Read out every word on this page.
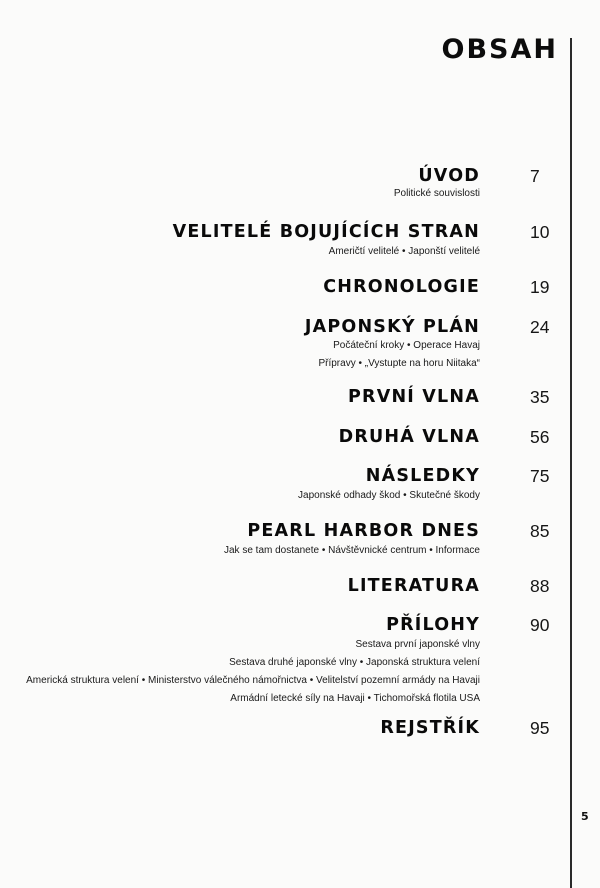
OBSAH
ÚVOD	7
Politické souvislosti
VELITELÉ BOJUJÍCÍCH STRAN	10
Američtí velitelé • Japonští velitelé
CHRONOLOGIE	19
JAPONSKÝ PLÁN	24
Počáteční kroky • Operace Havaj
Přípravy • „Vystupte na horu Niitaka“
PRVNÍ VLNA	35
DRUHÁ VLNA	56
NÁSLEDKY	75
Japonské odhady škod • Skutečné škody
PEARL HARBOR DNES	85
Jak se tam dostanete • Návštěvnické centrum • Informace
LITERATURA	88
PŘÍLOHY	90
Sestava první japonské vlny
Sestava druhé japonské vlny • Japonská struktura velení
Americká struktura velení • Ministerstvo válečného námořnictva • Velitelství pozemní armády na Havaji
Armádní letecké síly na Havaji • Tichomořská flotila USA
REJSTŘÍK	95
5
